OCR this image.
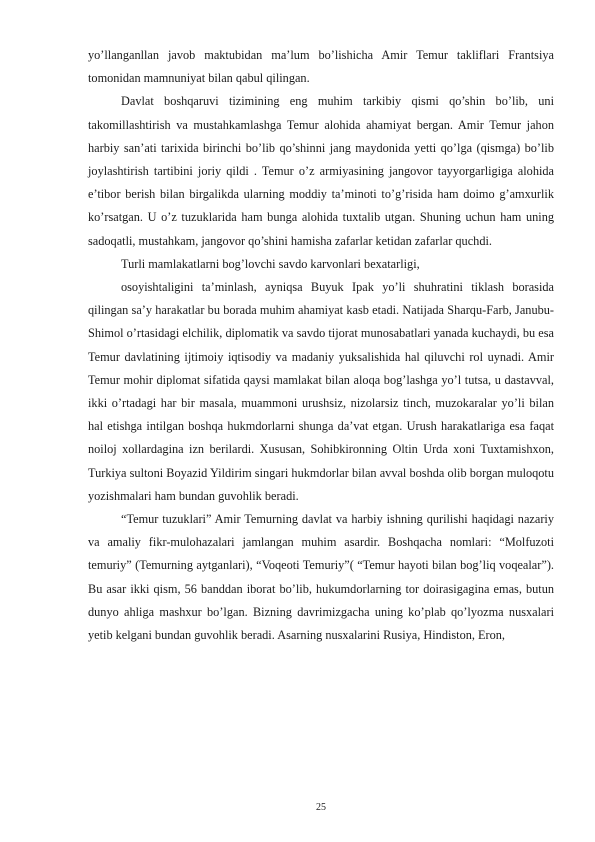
yo’llanganllan javob maktubidan ma’lum bo’lishicha Amir Temur takliflari Frantsiya tomonidan mamnuniyat bilan qabul qilingan.

Davlat boshqaruvi tizimining eng muhim tarkibiy qismi qo’shin bo’lib, uni takomillashtirish va mustahkamlashga Temur alohida ahamiyat bergan. Amir Temur jahon harbiy san’ati tarixida birinchi bo’lib qo’shinni jang maydonida yetti qo’lga (qismga) bo’lib joylashtirish tartibini joriy qildi . Temur o’z armiyasining jangovor tayyorgarligiga alohida e’tibor berish bilan birgalikda ularning moddiy ta’minoti to’g’risida ham doimo g’amxurlik ko’rsatgan. U o’z tuzuklarida ham bunga alohida tuxtalib utgan. Shuning uchun ham uning sadoqatli, mustahkam, jangovor qo’shini hamisha zafarlar ketidan zafarlar quchdi.

Turli mamlakatlarni bog’lovchi savdo karvonlari bexatarligi,

osoyishtaligini ta’minlash, ayniqsa Buyuk Ipak yo’li shuhratini tiklash borasida qilingan sa’y harakatlar bu borada muhim ahamiyat kasb etadi. Natijada Sharqu-Farb, Janubu-Shimol o’rtasidagi elchilik, diplomatik va savdo tijorat munosabatlari yanada kuchaydi, bu esa Temur davlatining ijtimoiy iqtisodiy va madaniy yuksalishida hal qiluvchi rol uynadi. Amir Temur mohir diplomat sifatida qaysi mamlakat bilan aloqa bog’lashga yo’l tutsa, u dastavval, ikki o’rtadagi har bir masala, muammoni urushsiz, nizolarsiz tinch, muzokaralar yo’li bilan hal etishga intilgan boshqa hukmdorlarni shunga da’vat etgan. Urush harakatlariga esa faqat noiloj xollardagina izn berilardi. Xususan, Sohibkironning Oltin Urda xoni Tuxtamishxon, Turkiya sultoni Boyazid Yildirim singari hukmdorlar bilan avval boshda olib borgan muloqotu yozishmalari ham bundan guvohlik beradi.

“Temur tuzuklari” Amir Temurning davlat va harbiy ishning qurilishi haqidagi nazariy va amaliy fikr-mulohazalari jamlangan muhim asardir. Boshqacha nomlari: “Molfuzoti temuriy” (Temurning aytganlari), “Voqeoti Temuriy”( “Temur hayoti bilan bog’liq voqealar”). Bu asar ikki qism, 56 banddan iborat bo’lib, hukumdorlarning tor doirasigagina emas, butun dunyo ahliga mashxur bo’lgan. Bizning davrimizgacha uning ko’plab qo’lyozma nusxalari yetib kelgani bundan guvohlik beradi. Asarning nusxalarini Rusiya, Hindiston, Eron,

25
